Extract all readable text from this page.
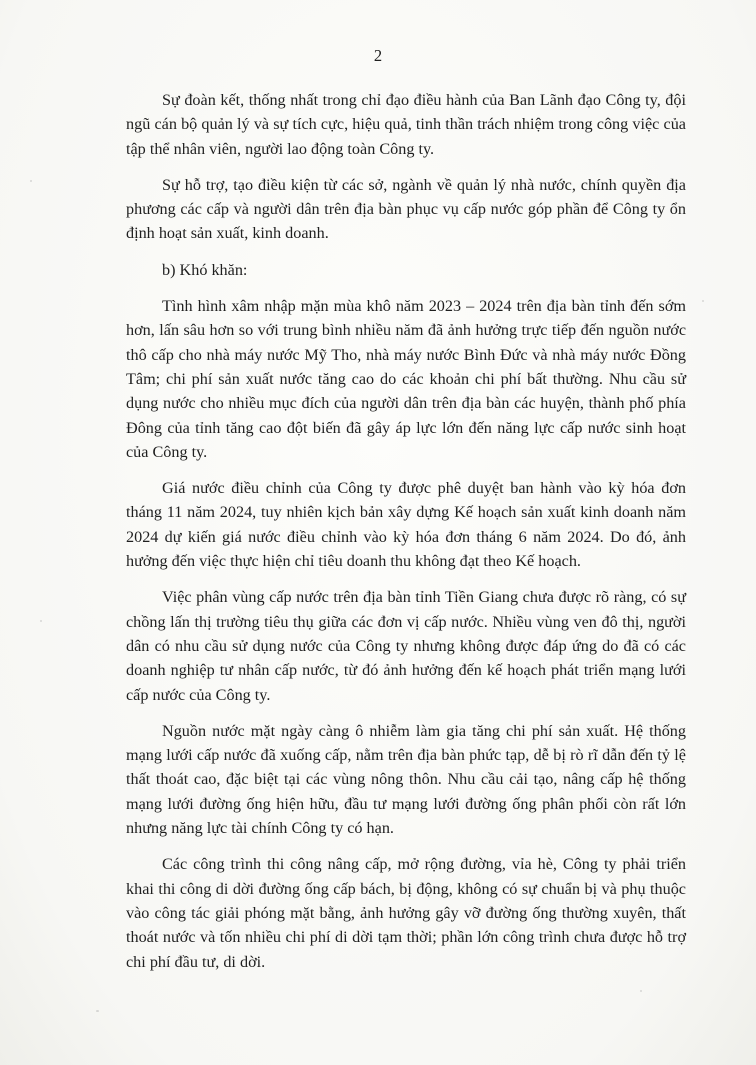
2

Sự đoàn kết, thống nhất trong chỉ đạo điều hành của Ban Lãnh đạo Công ty, đội ngũ cán bộ quản lý và sự tích cực, hiệu quả, tinh thần trách nhiệm trong công việc của tập thể nhân viên, người lao động toàn Công ty.

Sự hỗ trợ, tạo điều kiện từ các sở, ngành về quản lý nhà nước, chính quyền địa phương các cấp và người dân trên địa bàn phục vụ cấp nước góp phần để Công ty ổn định hoạt sản xuất, kinh doanh.

b) Khó khăn:

Tình hình xâm nhập mặn mùa khô năm 2023 – 2024 trên địa bàn tỉnh đến sớm hơn, lấn sâu hơn so với trung bình nhiều năm đã ảnh hưởng trực tiếp đến nguồn nước thô cấp cho nhà máy nước Mỹ Tho, nhà máy nước Bình Đức và nhà máy nước Đồng Tâm; chi phí sản xuất nước tăng cao do các khoản chi phí bất thường. Nhu cầu sử dụng nước cho nhiều mục đích của người dân trên địa bàn các huyện, thành phố phía Đông của tỉnh tăng cao đột biến đã gây áp lực lớn đến năng lực cấp nước sinh hoạt của Công ty.

Giá nước điều chỉnh của Công ty được phê duyệt ban hành vào kỳ hóa đơn tháng 11 năm 2024, tuy nhiên kịch bản xây dựng Kế hoạch sản xuất kinh doanh năm 2024 dự kiến giá nước điều chỉnh vào kỳ hóa đơn tháng 6 năm 2024. Do đó, ảnh hưởng đến việc thực hiện chỉ tiêu doanh thu không đạt theo Kế hoạch.

Việc phân vùng cấp nước trên địa bàn tỉnh Tiền Giang chưa được rõ ràng, có sự chồng lấn thị trường tiêu thụ giữa các đơn vị cấp nước. Nhiều vùng ven đô thị, người dân có nhu cầu sử dụng nước của Công ty nhưng không được đáp ứng do đã có các doanh nghiệp tư nhân cấp nước, từ đó ảnh hưởng đến kế hoạch phát triển mạng lưới cấp nước của Công ty.

Nguồn nước mặt ngày càng ô nhiễm làm gia tăng chi phí sản xuất. Hệ thống mạng lưới cấp nước đã xuống cấp, nằm trên địa bàn phức tạp, dễ bị rò rĩ dẫn đến tỷ lệ thất thoát cao, đặc biệt tại các vùng nông thôn. Nhu cầu cải tạo, nâng cấp hệ thống mạng lưới đường ống hiện hữu, đầu tư mạng lưới đường ống phân phối còn rất lớn nhưng năng lực tài chính Công ty có hạn.

Các công trình thi công nâng cấp, mở rộng đường, vỉa hè, Công ty phải triển khai thi công di dời đường ống cấp bách, bị động, không có sự chuẩn bị và phụ thuộc vào công tác giải phóng mặt bằng, ảnh hưởng gây vỡ đường ống thường xuyên, thất thoát nước và tốn nhiều chi phí di dời tạm thời; phần lớn công trình chưa được hỗ trợ chi phí đầu tư, di dời.
